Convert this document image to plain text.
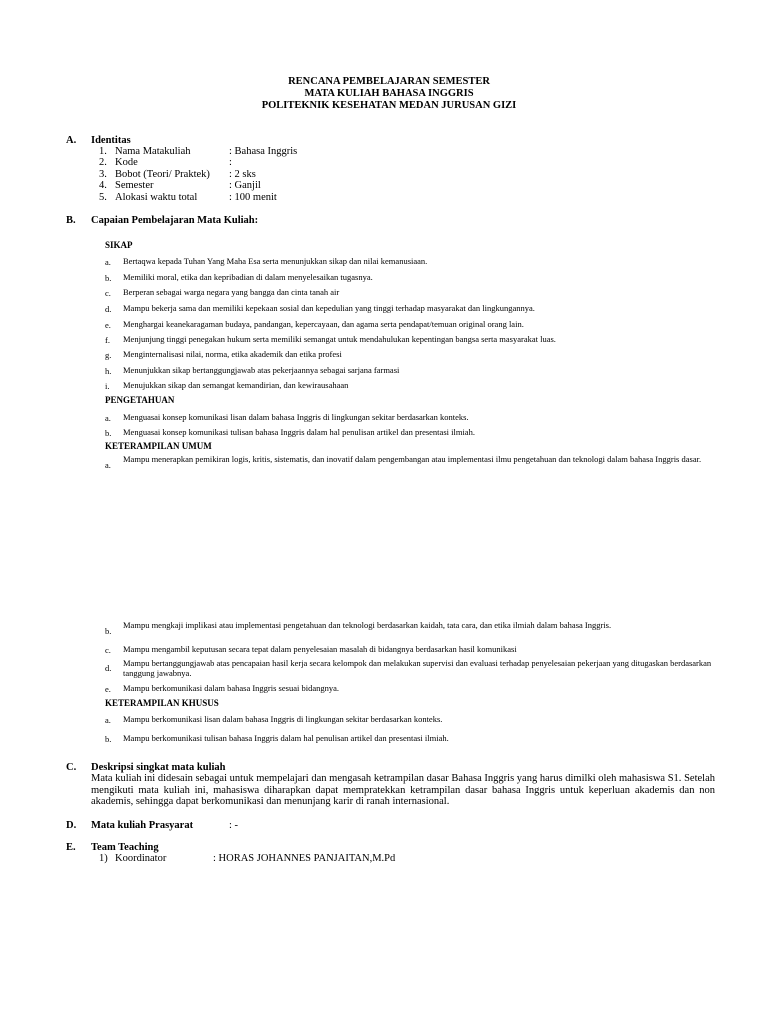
RENCANA PEMBELAJARAN SEMESTER
MATA KULIAH BAHASA INGGRIS
POLITEKNIK KESEHATAN MEDAN JURUSAN GIZI
A. Identitas
1. Nama Matakuliah	: Bahasa Inggris
2. Kode	:
3. Bobot (Teori/ Praktek) : 2 sks
4. Semester	: Ganjil
5. Alokasi waktu total	: 100 menit
B. Capaian Pembelajaran Mata Kuliah:
SIKAP
a. Bertaqwa kepada Tuhan Yang Maha Esa serta menunjukkan sikap dan nilai kemanusiaan.
b. Memiliki moral, etika dan kepribadian di dalam menyelesaikan tugasnya.
c. Berperan sebagai warga negara yang bangga dan cinta tanah air
d. Mampu bekerja sama dan memiliki kepekaan sosial dan kepedulian yang tinggi terhadap masyarakat dan lingkungannya.
e. Menghargai keanekaragaman budaya, pandangan, kepercayaan, dan agama serta pendapat/temuan original orang lain.
f. Menjunjung tinggi penegakan hukum serta memiliki semangat untuk mendahulukan kepentingan bangsa serta masyarakat luas.
g. Menginternalisasi nilai, norma, etika akademik dan etika profesi
h. Menunjukkan sikap bertanggungjawab atas pekerjaannya sebagai sarjana farmasi
i. Menujukkan sikap dan semangat kemandirian, dan kewirausahaan
PENGETAHUAN
a. Menguasai konsep komunikasi lisan dalam bahasa Inggris di lingkungan sekitar berdasarkan konteks.
b. Menguasai konsep komunikasi tulisan bahasa Inggris dalam hal penulisan artikel dan presentasi ilmiah.
KETERAMPILAN UMUM
a.
Mampu menerapkan pemikiran logis, kritis, sistematis, dan inovatif dalam pengembangan atau implementasi ilmu pengetahuan dan teknologi dalam bahasa Inggris dasar.
b.
Mampu mengkaji implikasi atau implementasi pengetahuan dan teknologi berdasarkan kaidah, tata cara, dan etika ilmiah dalam bahasa Inggris.
c. Mampu mengambil keputusan secara tepat dalam penyelesaian masalah di bidangnya berdasarkan hasil komunikasi
d. Mampu bertanggungjawab atas pencapaian hasil kerja secara kelompok dan melakukan supervisi dan evaluasi terhadap penyelesaian pekerjaan yang ditugaskan berdasarkan tanggung jawabnya.
e. Mampu berkomunikasi dalam bahasa Inggris sesuai bidangnya.
KETERAMPILAN KHUSUS
a. Mampu berkomunikasi lisan dalam bahasa Inggris di lingkungan sekitar berdasarkan konteks.
b. Mampu berkomunikasi tulisan bahasa Inggris dalam hal penulisan artikel dan presentasi ilmiah.
C. Deskripsi singkat mata kuliah
Mata kuliah ini didesain sebagai untuk mempelajari dan mengasah ketrampilan dasar Bahasa Inggris yang harus dimilki oleh mahasiswa S1. Setelah mengikuti mata kuliah ini, mahasiswa diharapkan dapat mempratekkan ketrampilan dasar bahasa Inggris untuk keperluan akademis dan non akademis, sehingga dapat berkomunikasi dan menunjang karir di ranah internasional.
D. Mata kuliah Prasyarat	: -
E. Team Teaching
1) Koordinator	: HORAS JOHANNES PANJAITAN,M.Pd
